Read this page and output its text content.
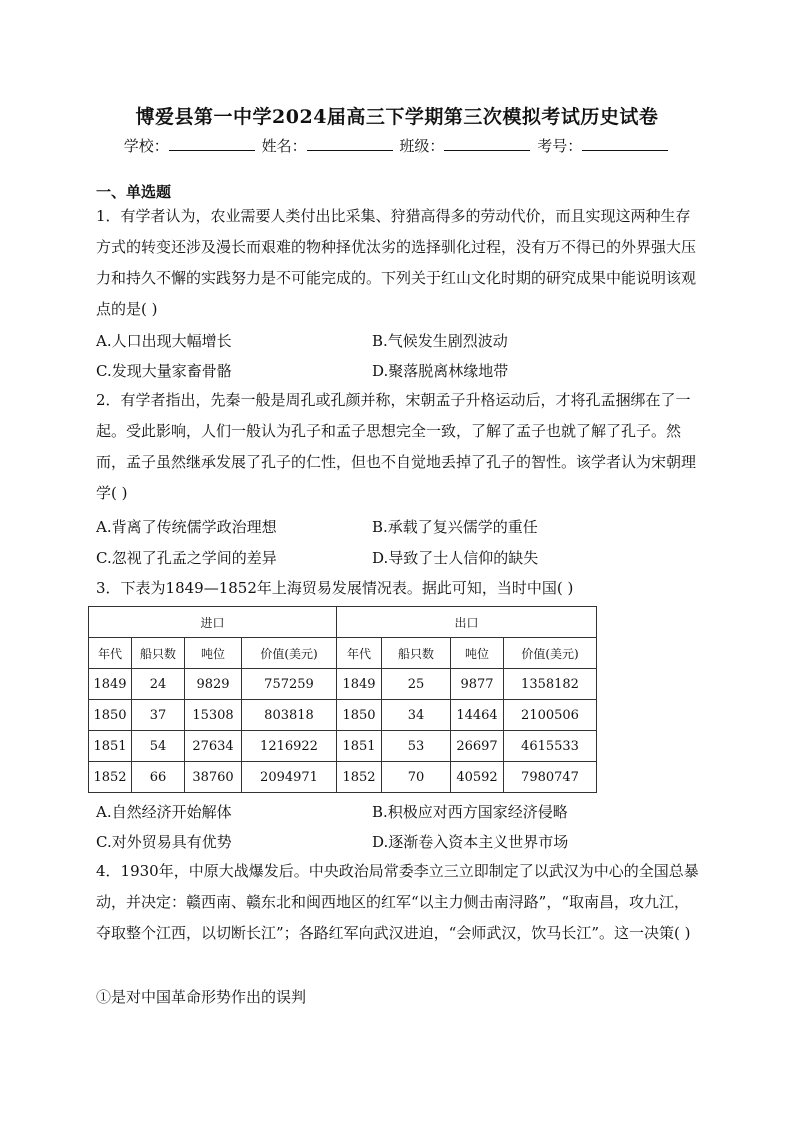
博爱县第一中学2024届高三下学期第三次模拟考试历史试卷
学校：	姓名：	班级：	考号：
一、单选题
1．有学者认为，农业需要人类付出比采集、狩猎高得多的劳动代价，而且实现这两种生存方式的转变还涉及漫长而艰难的物种择优汰劣的选择驯化过程，没有万不得已的外界强大压力和持久不懈的实践努力是不可能完成的。下列关于红山文化时期的研究成果中能说明该观点的是( )
A.人口出现大幅增长	B.气候发生剧烈波动
C.发现大量家畜骨骼	D.聚落脱离林缘地带
2．有学者指出，先秦一般是周孔或孔颜并称，宋朝孟子升格运动后，才将孔孟捆绑在了一起。受此影响，人们一般认为孔子和孟子思想完全一致，了解了孟子也就了解了孔子。然而，孟子虽然继承发展了孔子的仁性，但也不自觉地丢掉了孔子的智性。该学者认为宋朝理学( )
A.背离了传统儒学政治理想	B.承载了复兴儒学的重任
C.忽视了孔孟之学间的差异	D.导致了士人信仰的缺失
3．下表为1849—1852年上海贸易发展情况表。据此可知，当时中国( )
进口				出口			
年代	船只数	吨位	价值(美元)	年代	船只数	吨位	价值(美元)
1849	24	9829	757259	1849	25	9877	1358182
1850	37	15308	803818	1850	34	14464	2100506
1851	54	27634	1216922	1851	53	26697	4615533
1852	66	38760	2094971	1852	70	40592	7980747
A.自然经济开始解体	B.积极应对西方国家经济侵略
C.对外贸易具有优势	D.逐渐卷入资本主义世界市场
4．1930年，中原大战爆发后。中央政治局常委李立三立即制定了以武汉为中心的全国总暴动，并决定：赣西南、赣东北和闽西地区的红军“以主力侧击南浔路”，“取南昌，攻九江，夺取整个江西，以切断长江”；各路红军向武汉进迫，“会师武汉，饮马长江”。这一决策( )
①是对中国革命形势作出的误判
